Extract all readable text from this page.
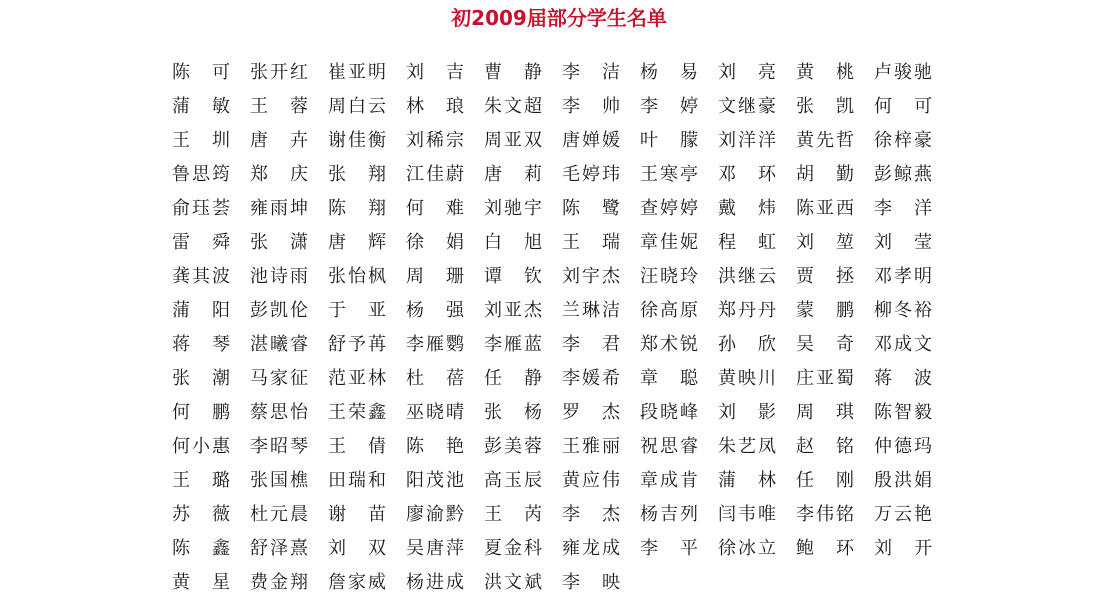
初2009届部分学生名单
陈 可 张开红 崔亚明 刘 吉 曹 静 李 洁 杨 易 刘 亮 黄 桃 卢骏驰
蒲 敏 王 蓉 周白云 林 琅 朱文超 李 帅 李 婷 文继豪 张 凯 何 可
王 圳 唐 卉 谢佳衡 刘稀宗 周亚双 唐婵媛 叶 朦 刘洋洋 黄先哲 徐梓豪
鲁思筠 郑 庆 张 翔 江佳蔚 唐 莉 毛婷玮 王寒亭 邓 环 胡 勤 彭鲸燕
俞珏荟 雍雨坤 陈 翔 何 难 刘驰宇 陈 鹭 查婷婷 戴 炜 陈亚西 李 洋
雷 舜 张 潇 唐 辉 徐 娟 白 旭 王 瑞 章佳妮 程 虹 刘 堃 刘 莹
龚其波 池诗雨 张怡枫 周 珊 谭 钦 刘宇杰 汪晓玲 洪继云 贾 拯 邓孝明
蒲 阳 彭凯伦 于 亚 杨 强 刘亚杰 兰琳洁 徐高原 郑丹丹 蒙 鹏 柳冬裕
蒋 琴 湛曦睿 舒予苒 李雁鹦 李雁蓝 李 君 郑术锐 孙 欣 吴 奇 邓成文
张 潮 马家征 范亚林 杜 蓓 任 静 李媛希 章 聪 黄映川 庄亚蜀 蒋 波
何 鹏 蔡思怡 王荣鑫 巫晓晴 张 杨 罗 杰 段晓峰 刘 影 周 琪 陈智毅
何小惠 李昭琴 王 倩 陈 艳 彭美蓉 王雅丽 祝思睿 朱艺凤 赵 铭 仲德玛
王 璐 张国樵 田瑞和 阳茂池 高玉辰 黄应伟 章成肯 蒲 林 任 刚 殷洪娟
苏 薇 杜元晨 谢 苗 廖渝黔 王 芮 李 杰 杨吉列 闫韦唯 李伟铭 万云艳
陈 鑫 舒泽熹 刘 双 吴唐萍 夏金科 雍龙成 李 平 徐冰立 鲍 环 刘 开
黄 星 费金翔 詹家威 杨进成 洪文斌 李 映
